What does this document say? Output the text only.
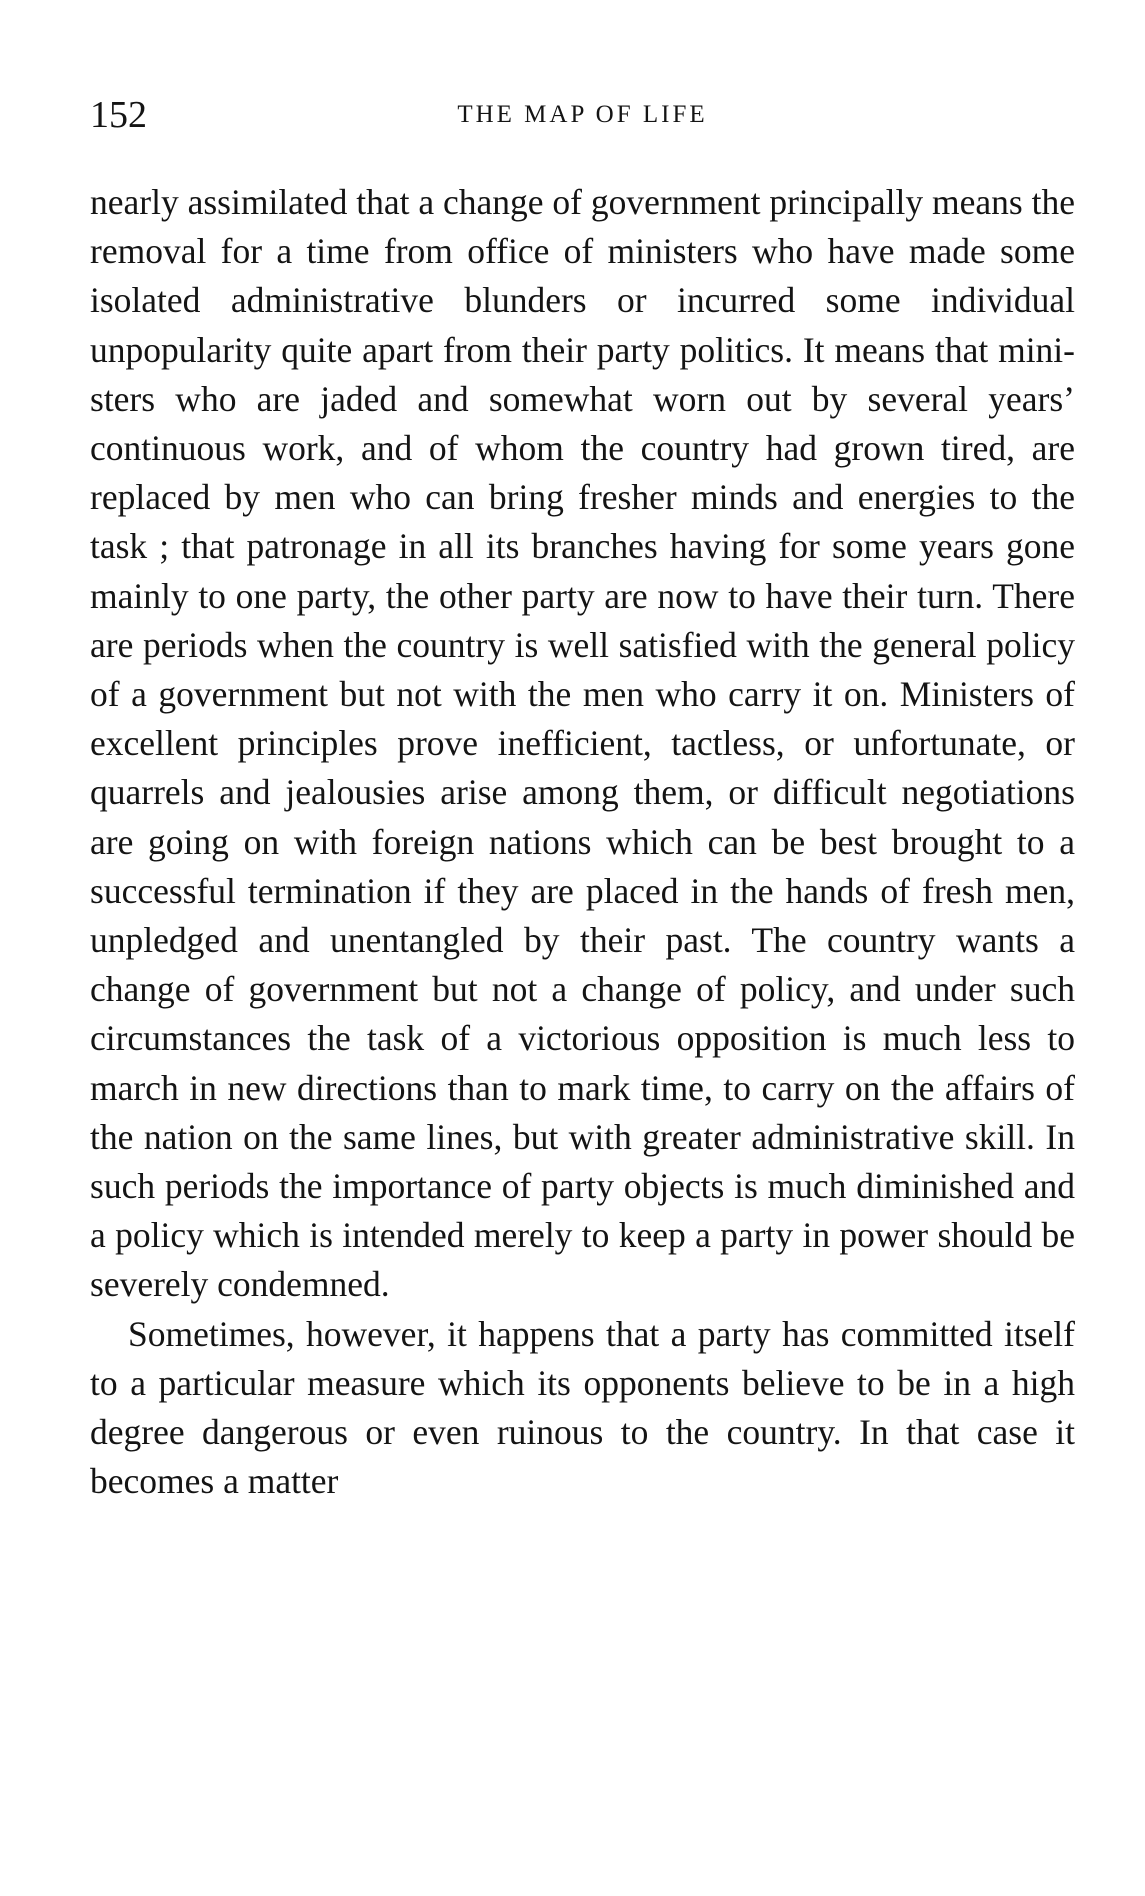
152	THE MAP OF LIFE

nearly assimilated that a change of government principally means the removal for a time from office of ministers who have made some isolated administrative blunders or incurred some individual unpopularity quite apart from their party politics. It means that ministers who are jaded and somewhat worn out by several years’ continuous work, and of whom the country had grown tired, are replaced by men who can bring fresher minds and energies to the task ; that patronage in all its branches having for some years gone mainly to one party, the other party are now to have their turn. There are periods when the country is well satisfied with the general policy of a government but not with the men who carry it on. Ministers of excellent principles prove inefficient, tactless, or unfortunate, or quarrels and jealousies arise among them, or difficult negotiations are going on with foreign nations which can be best brought to a successful termination if they are placed in the hands of fresh men, unpledged and unentangled by their past. The country wants a change of government but not a change of policy, and under such circumstances the task of a victorious opposition is much less to march in new directions than to mark time, to carry on the affairs of the nation on the same lines, but with greater administrative skill. In such periods the importance of party objects is much diminished and a policy which is intended merely to keep a party in power should be severely condemned.

Sometimes, however, it happens that a party has committed itself to a particular measure which its opponents believe to be in a high degree dangerous or even ruinous to the country. In that case it becomes a matter
